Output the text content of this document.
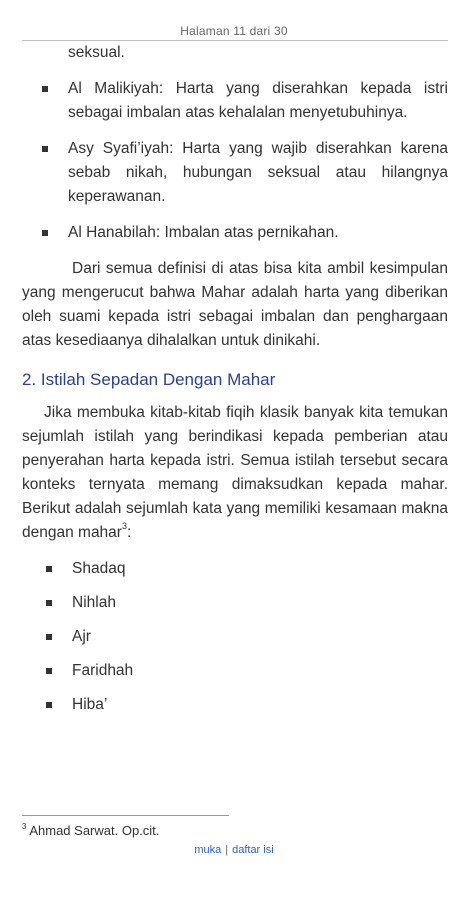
Halaman 11 dari 30
seksual.
Al Malikiyah: Harta yang diserahkan kepada istri sebagai imbalan atas kehalalan menyetubuhinya.
Asy Syafi’iyah: Harta yang wajib diserahkan karena sebab nikah, hubungan seksual atau hilangnya keperawanan.
Al Hanabilah: Imbalan atas pernikahan.
Dari semua definisi di atas bisa kita ambil kesimpulan yang mengerucut bahwa Mahar adalah harta yang diberikan oleh suami kepada istri sebagai imbalan dan penghargaan atas kesediaanya dihalalkan untuk dinikahi.
2. Istilah Sepadan Dengan Mahar
Jika membuka kitab-kitab fiqih klasik banyak kita temukan sejumlah istilah yang berindikasi kepada pemberian atau penyerahan harta kepada istri. Semua istilah tersebut secara konteks ternyata memang dimaksudkan kepada mahar. Berikut adalah sejumlah kata yang memiliki kesamaan makna dengan mahar$^3$:
Shadaq
Nihlah
Ajr
Faridhah
Hiba’
$^3$ Ahmad Sarwat. Op.cit.
muka | daftar isi
